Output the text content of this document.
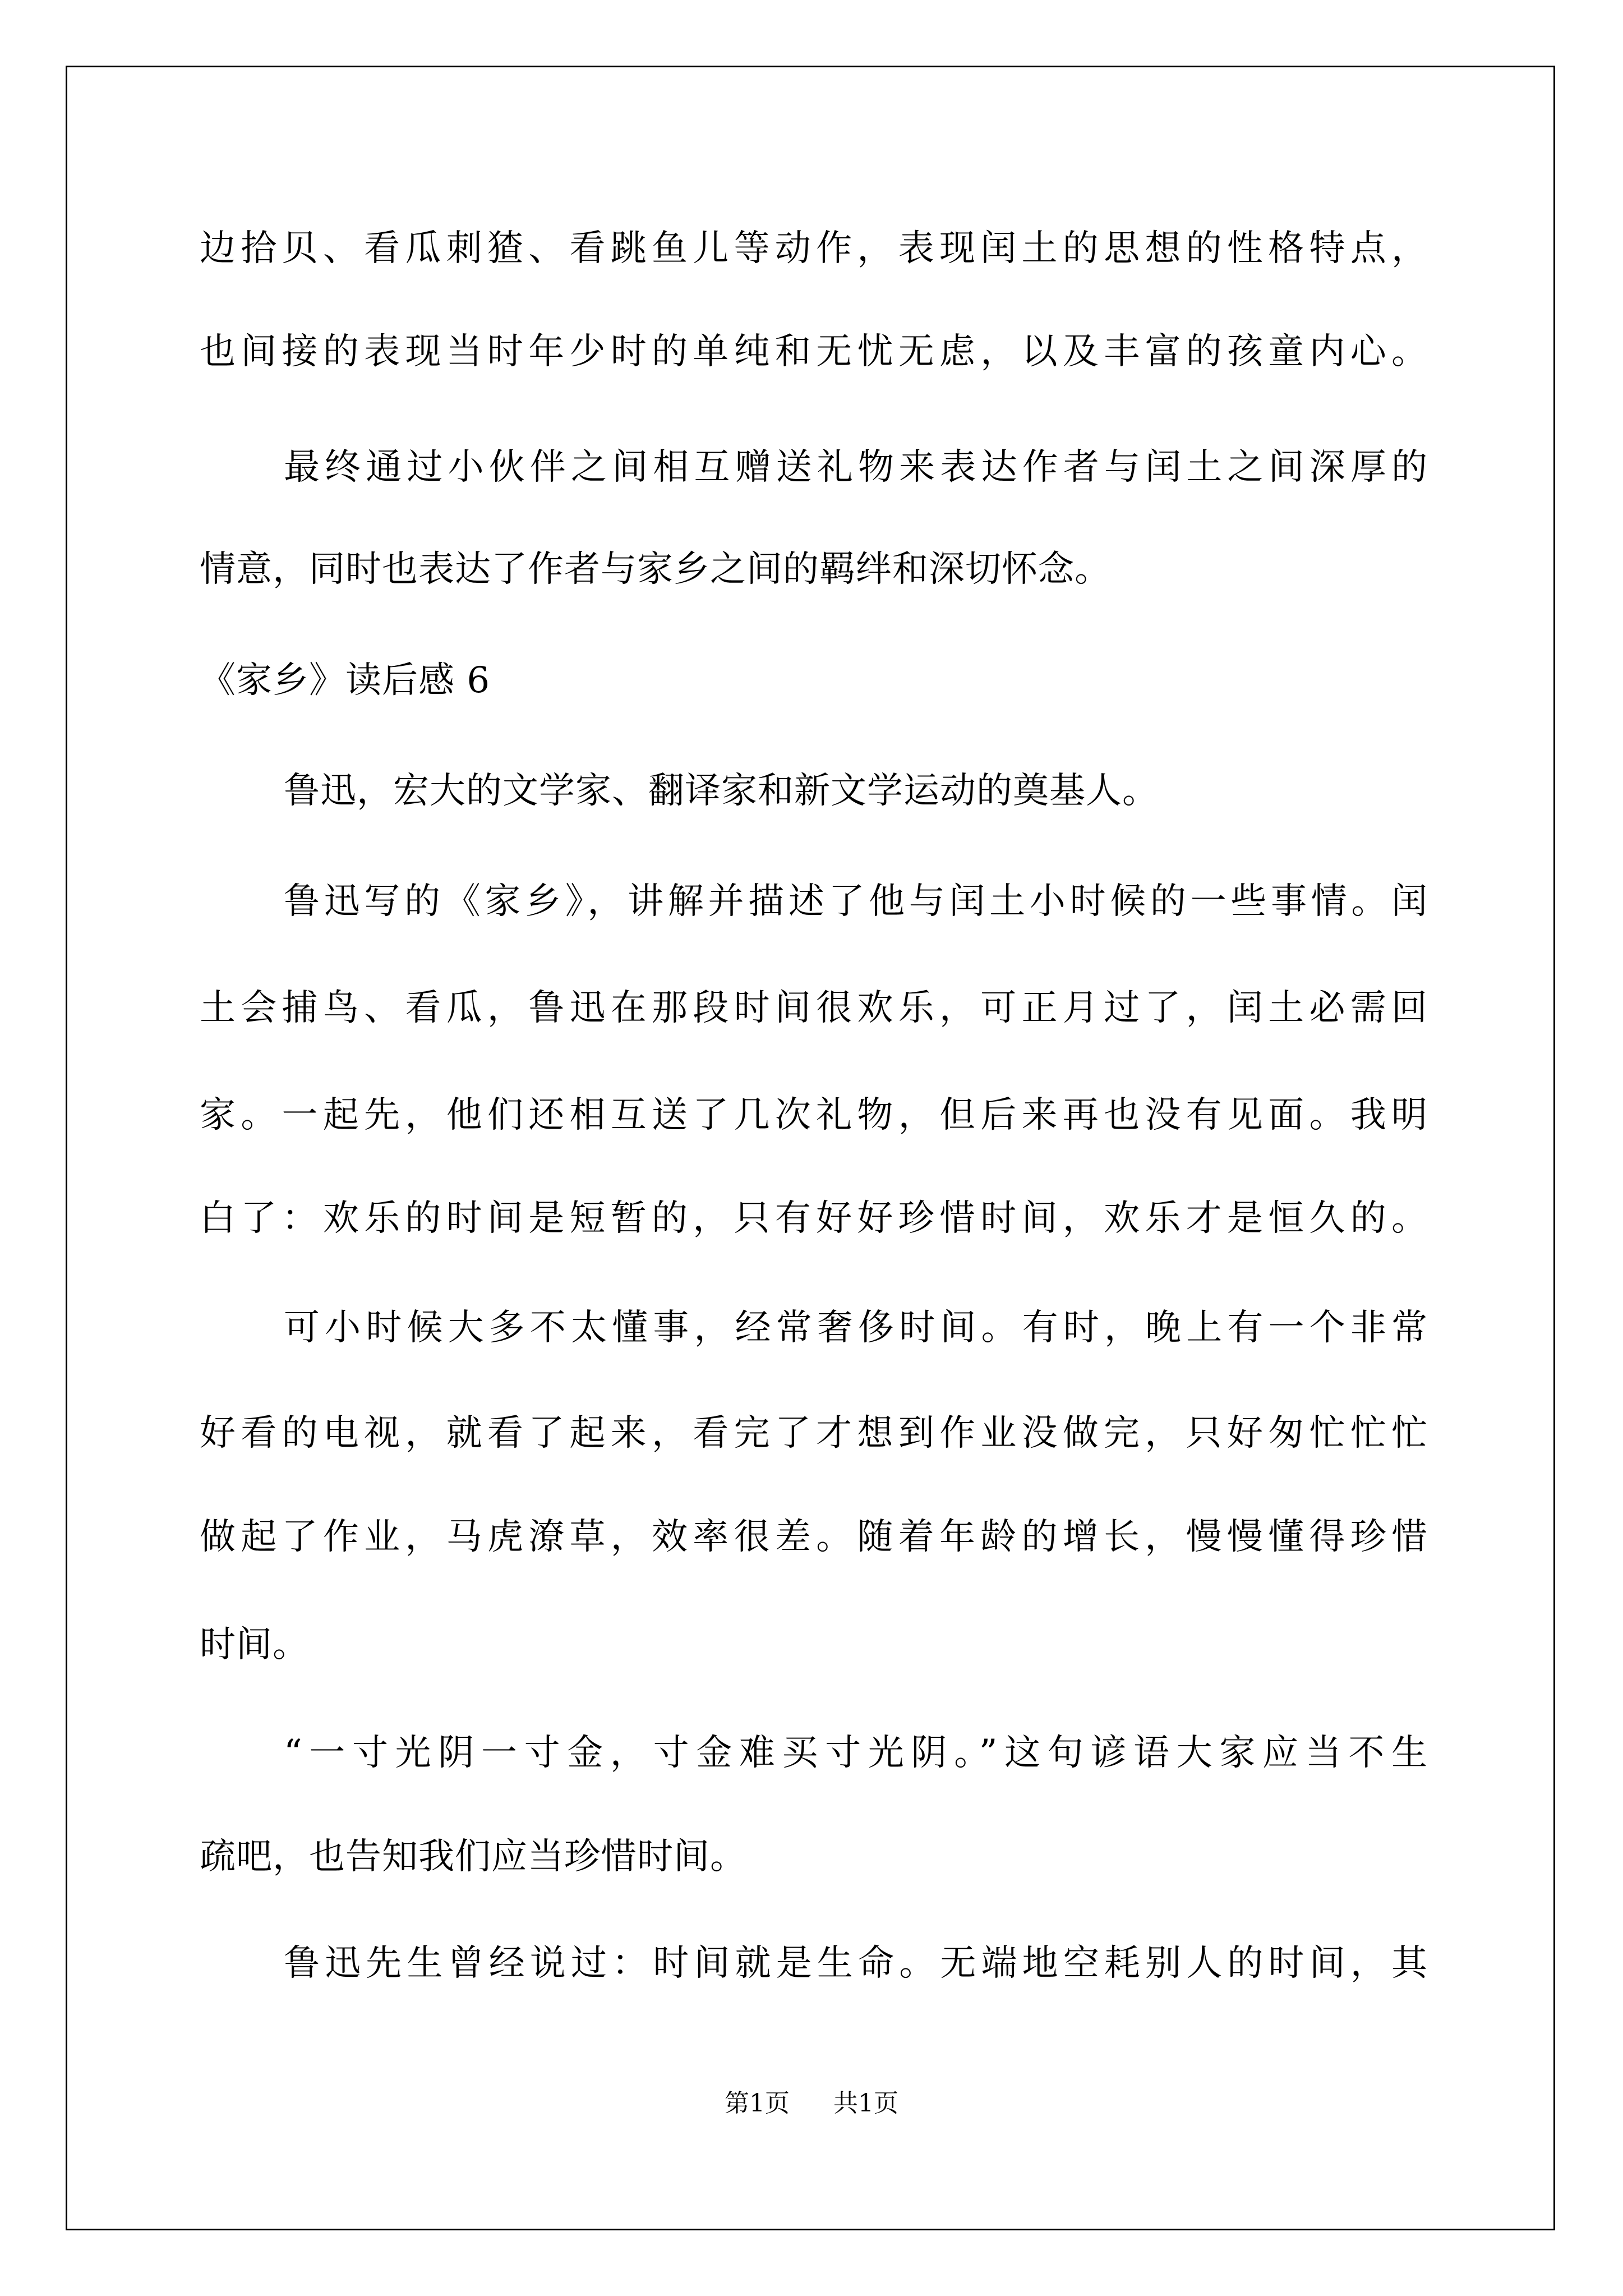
边拾贝、看瓜刺猹、看跳鱼儿等动作，表现闰土的思想的性格特点，
也间接的表现当时年少时的单纯和无忧无虑，以及丰富的孩童内心。
最终通过小伙伴之间相互赠送礼物来表达作者与闰土之间深厚的
情意，同时也表达了作者与家乡之间的羁绊和深切怀念。
《家乡》读后感 6
鲁迅，宏大的文学家、翻译家和新文学运动的奠基人。
鲁迅写的《家乡》，讲解并描述了他与闰土小时候的一些事情。闰
土会捕鸟、看瓜，鲁迅在那段时间很欢乐，可正月过了，闰土必需回
家。一起先，他们还相互送了几次礼物，但后来再也没有见面。我明
白了：欢乐的时间是短暂的，只有好好珍惜时间，欢乐才是恒久的。
可小时候大多不太懂事，经常奢侈时间。有时，晚上有一个非常
好看的电视，就看了起来，看完了才想到作业没做完，只好匆忙忙忙
做起了作业，马虎潦草，效率很差。随着年龄的增长，慢慢懂得珍惜
时间。
“一寸光阴一寸金，寸金难买寸光阴。”这句谚语大家应当不生
疏吧，也告知我们应当珍惜时间。
鲁迅先生曾经说过：时间就是生命。无端地空耗别人的时间，其
第1页 共1页
